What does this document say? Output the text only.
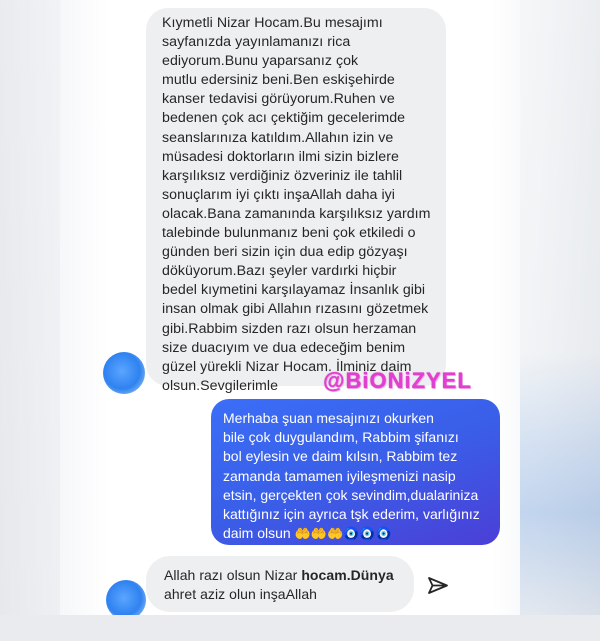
Kıymetli Nizar Hocam.Bu mesajımı
sayfanızda yayınlamanızı rica
ediyorum.Bunu yaparsanız çok
mutlu edersiniz beni.Ben eskişehirde
kanser tedavisi görüyorum.Ruhen ve
bedenen çok acı çektiğim gecelerimde
seanslarınıza katıldım.Allahın izin ve
müsadesi doktorların ilmi sizin bizlere
karşılıksız verdiğiniz özveriniz ile tahlil
sonuçlarım iyi çıktı inşaAllah daha iyi
olacak.Bana zamanında karşılıksız yardım
talebinde bulunmanız beni çok etkiledi o
günden beri sizin için dua edip gözyaşı
döküyorum.Bazı şeyler vardırki hiçbir
bedel kıymetini karşılayamaz İnsanlık gibi
insan olmak gibi Allahın rızasını gözetmek
gibi.Rabbim sizden razı olsun herzaman
size duacıyım ve dua edeceğim benim
güzel yürekli Nizar Hocam. İlminiz daim
olsun.Sevgilerimle	@BiONiZYEL
Merhaba şuan mesajınızı okurken
bile çok duygulandım, Rabbim şifanızı
bol eylesin ve daim kılsın, Rabbim tez
zamanda tamamen iyileşmenizi nasip
etsin, gerçekten çok sevindim,dualariniza
kattığınız için ayrıca tşk ederim, varlığınız
daim olsun 🤲🤲🤲🧿🧿🧿
Allah razı olsun Nizar hocam.Dünya
ahret aziz olun inşaAllah
